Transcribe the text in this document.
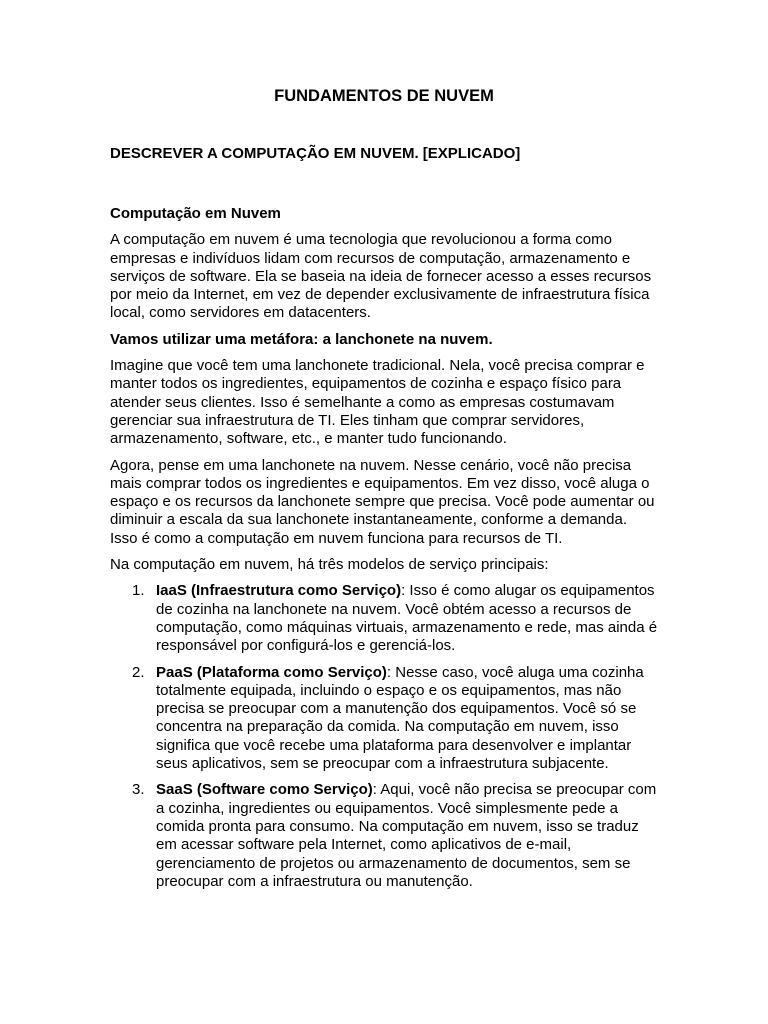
FUNDAMENTOS DE NUVEM
DESCREVER A COMPUTAÇÃO EM NUVEM. [EXPLICADO]

Computação em Nuvem

A computação em nuvem é uma tecnologia que revolucionou a forma como empresas e indivíduos lidam com recursos de computação, armazenamento e serviços de software. Ela se baseia na ideia de fornecer acesso a esses recursos por meio da Internet, em vez de depender exclusivamente de infraestrutura física local, como servidores em datacenters.

Vamos utilizar uma metáfora: a lanchonete na nuvem.

Imagine que você tem uma lanchonete tradicional. Nela, você precisa comprar e manter todos os ingredientes, equipamentos de cozinha e espaço físico para atender seus clientes. Isso é semelhante a como as empresas costumavam gerenciar sua infraestrutura de TI. Eles tinham que comprar servidores, armazenamento, software, etc., e manter tudo funcionando.

Agora, pense em uma lanchonete na nuvem. Nesse cenário, você não precisa mais comprar todos os ingredientes e equipamentos. Em vez disso, você aluga o espaço e os recursos da lanchonete sempre que precisa. Você pode aumentar ou diminuir a escala da sua lanchonete instantaneamente, conforme a demanda. Isso é como a computação em nuvem funciona para recursos de TI.

Na computação em nuvem, há três modelos de serviço principais:

1. IaaS (Infraestrutura como Serviço): Isso é como alugar os equipamentos de cozinha na lanchonete na nuvem. Você obtém acesso a recursos de computação, como máquinas virtuais, armazenamento e rede, mas ainda é responsável por configurá-los e gerenciá-los.
2. PaaS (Plataforma como Serviço): Nesse caso, você aluga uma cozinha totalmente equipada, incluindo o espaço e os equipamentos, mas não precisa se preocupar com a manutenção dos equipamentos. Você só se concentra na preparação da comida. Na computação em nuvem, isso significa que você recebe uma plataforma para desenvolver e implantar seus aplicativos, sem se preocupar com a infraestrutura subjacente.
3. SaaS (Software como Serviço): Aqui, você não precisa se preocupar com a cozinha, ingredientes ou equipamentos. Você simplesmente pede a comida pronta para consumo. Na computação em nuvem, isso se traduz em acessar software pela Internet, como aplicativos de e-mail, gerenciamento de projetos ou armazenamento de documentos, sem se preocupar com a infraestrutura ou manutenção.
